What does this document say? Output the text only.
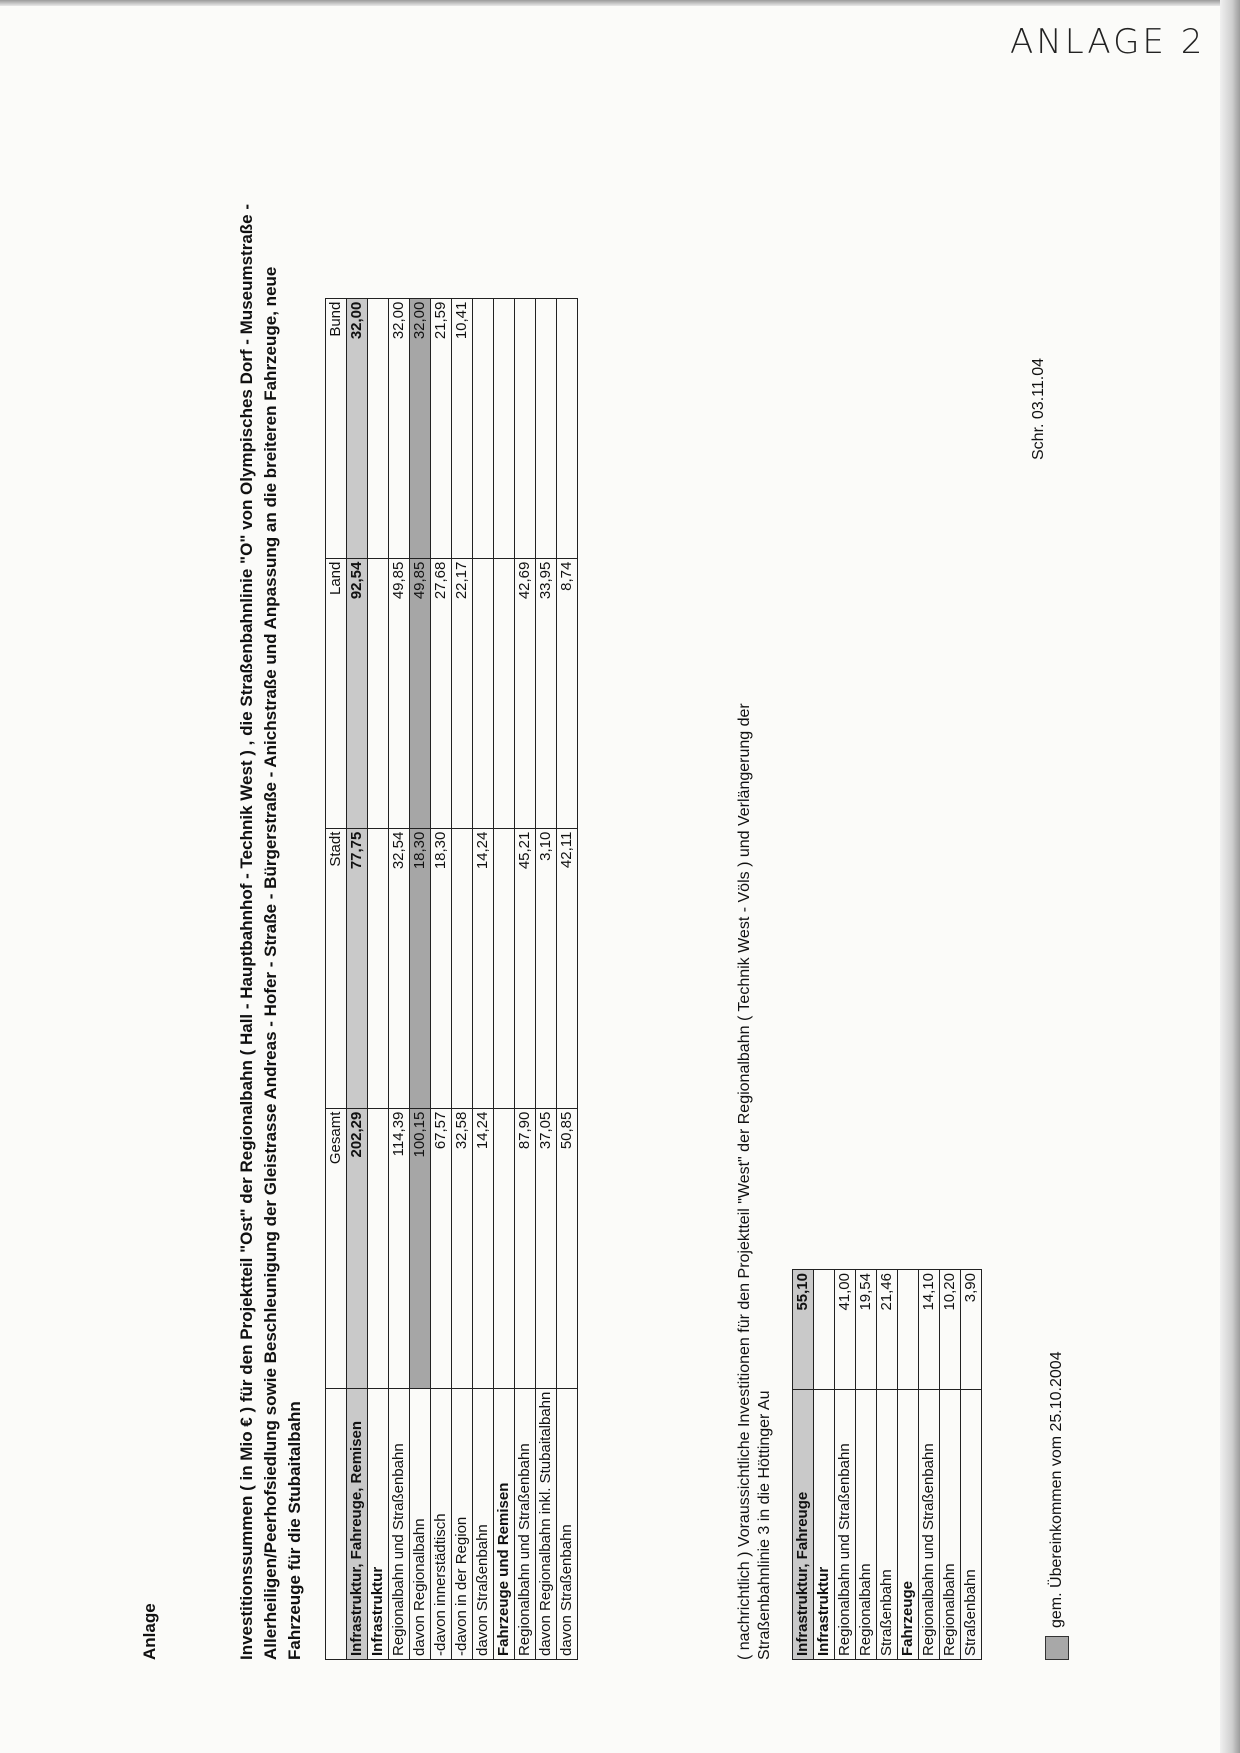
ANLAGE 2
Anlage	Investitionssummen ( in Mio € ) für den Projektteil "Ost" der Regionalbahn ( Hall - Hauptbahnhof - Technik West ) , die Straßenbahnlinie "O" von Olympisches Dorf - Museumstraße - Allerheiligen/Peerhofsiedlung sowie Beschleunigung der Gleistrasse Andreas - Hofer - Straße - Bürgerstraße - Anichstraße und Anpassung an die breiteren Fahrzeuge, neue Fahrzeuge für die Stubaitalbahn
	Gesamt	Stadt	Land	Bund
Infrastruktur, Fahreuge, Remisen	202,29	77,75	92,54	32,00
Infrastruktur				
Regionalbahn und Straßenbahn	114,39	32,54	49,85	32,00
davon Regionalbahn	100,15	18,30	49,85	32,00
-davon innerstädtisch	67,57	18,30	27,68	21,59
-davon in der Region	32,58		22,17	10,41
davon Straßenbahn	14,24	14,24		
Fahrzeuge und Remisen				
Regionalbahn und Straßenbahn	87,90	45,21	42,69	
davon Regionalbahn inkl. Stubaitalbahn	37,05	3,10	33,95	
davon Straßenbahn	50,85	42,11	8,74	
( nachrichtlich ) Voraussichtliche Investitionen für den Projektteil "West" der Regionalbahn ( Technik West - Völs ) und Verlängerung der Straßenbahnlinie 3 in die Höttinger Au Infrastruktur, Fahreuge	55,10
Infrastruktur	
Regionalbahn und Straßenbahn	41,00
Regionalbahn	19,54
Straßenbahn	21,46
Fahrzeuge	
Regionalbahn und Straßenbahn	14,10
Regionalbahn	10,20
Straßenbahn	3,90
gem. Übereinkommen vom 25.10.2004
Schr. 03.11.04
